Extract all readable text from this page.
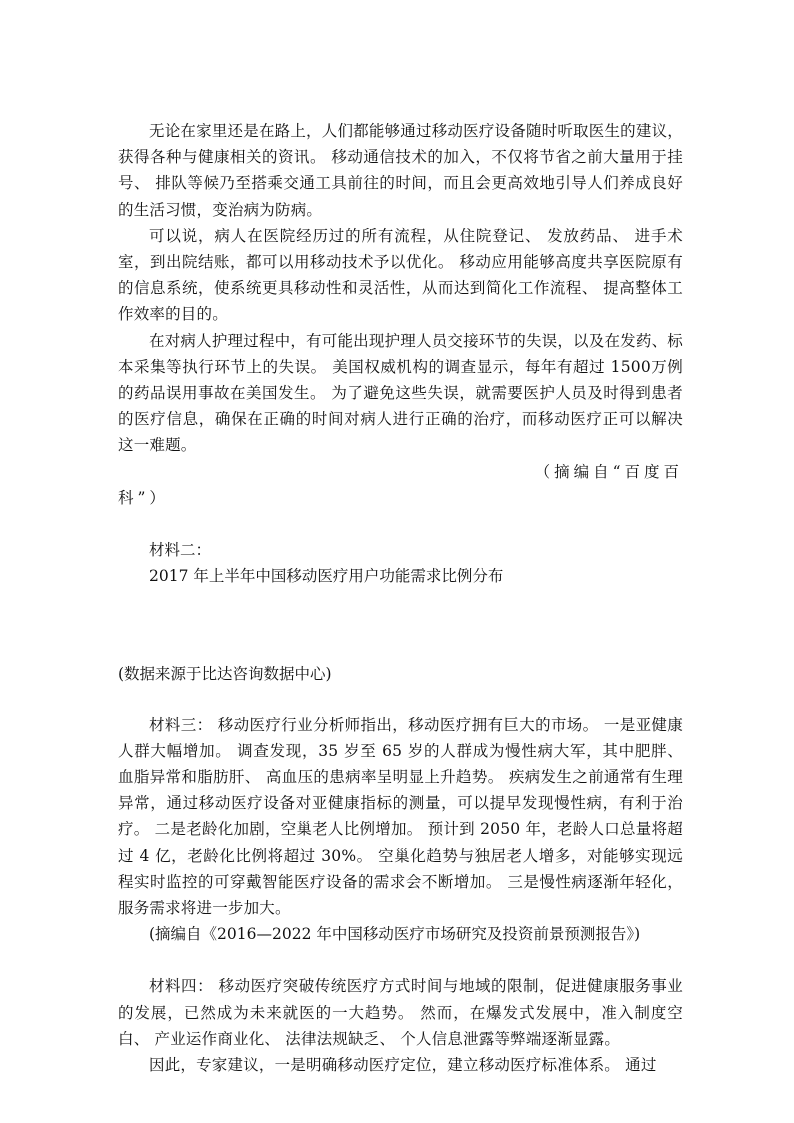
无论在家里还是在路上，人们都能够通过移动医疗设备随时听取医生的建议，获得各种与健康相关的资讯。 移动通信技术的加入，不仅将节省之前大量用于挂号、 排队等候乃至搭乘交通工具前往的时间，而且会更高效地引导人们养成良好的生活习惯，变治病为防病。

可以说，病人在医院经历过的所有流程，从住院登记、 发放药品、 进手术室，到出院结账，都可以用移动技术予以优化。 移动应用能够高度共享医院原有的信息系统，使系统更具移动性和灵活性，从而达到简化工作流程、 提高整体工作效率的目的。

在对病人护理过程中，有可能出现护理人员交接环节的失误，以及在发药、标本采集等执行环节上的失误。 美国权威机构的调查显示，每年有超过 1500万例的药品误用事故在美国发生。 为了避免这些失误，就需要医护人员及时得到患者的医疗信息，确保在正确的时间对病人进行正确的治疗，而移动医疗正可以解决这一难题。

（摘编自“百度百

科”）

材料二：

2017 年上半年中国移动医疗用户功能需求比例分布

(数据来源于比达咨询数据中心)

材料三： 移动医疗行业分析师指出，移动医疗拥有巨大的市场。 一是亚健康人群大幅增加。 调查发现，35 岁至 65 岁的人群成为慢性病大军，其中肥胖、 血脂异常和脂肪肝、 高血压的患病率呈明显上升趋势。 疾病发生之前通常有生理异常，通过移动医疗设备对亚健康指标的测量，可以提早发现慢性病，有利于治疗。 二是老龄化加剧，空巢老人比例增加。 预计到 2050 年，老龄人口总量将超过 4 亿，老龄化比例将超过 30%。 空巢化趋势与独居老人增多，对能够实现远程实时监控的可穿戴智能医疗设备的需求会不断增加。 三是慢性病逐渐年轻化，服务需求将进一步加大。

(摘编自《2016—2022 年中国移动医疗市场研究及投资前景预测报告》)

材料四： 移动医疗突破传统医疗方式时间与地域的限制，促进健康服务事业的发展，已然成为未来就医的一大趋势。 然而，在爆发式发展中，准入制度空白、 产业运作商业化、 法律法规缺乏、 个人信息泄露等弊端逐渐显露。

因此，专家建议，一是明确移动医疗定位，建立移动医疗标准体系。 通过
